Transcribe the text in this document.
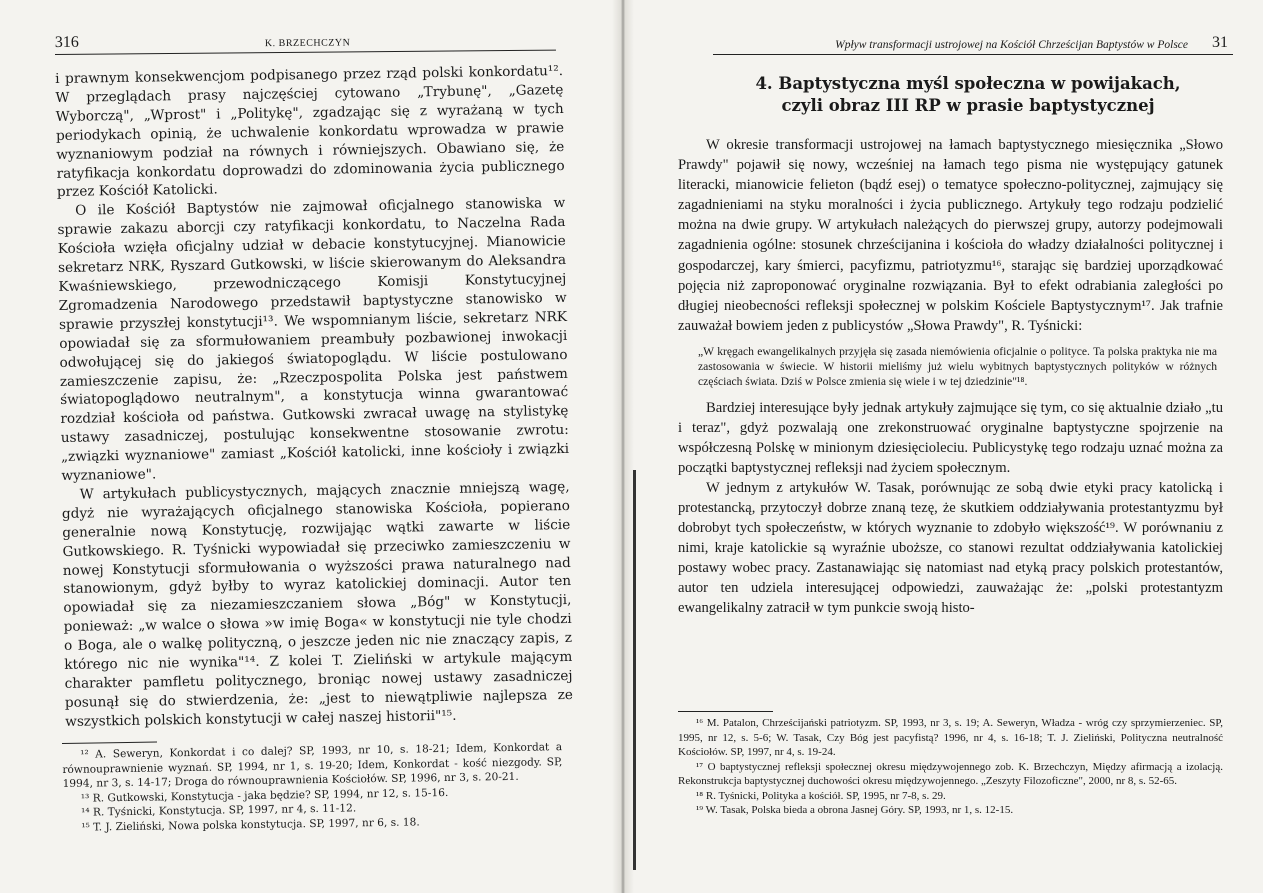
316	K. BRZECHCZYN

i prawnym konsekwencjom podpisanego przez rząd polski konkordatu¹². W przeglądach prasy najczęściej cytowano „Trybunę", „Gazetę Wyborczą", „Wprost" i „Politykę", zgadzając się z wyrażaną w tych periodykach opinią, że uchwalenie konkordatu wprowadza w prawie wyznaniowym podział na równych i równiejszych. Obawiano się, że ratyfikacja konkordatu doprowadzi do zdominowania życia publicznego przez Kościół Katolicki.

O ile Kościół Baptystów nie zajmował oficjalnego stanowiska w sprawie zakazu aborcji czy ratyfikacji konkordatu, to Naczelna Rada Kościoła wzięła oficjalny udział w debacie konstytucyjnej. Mianowicie sekretarz NRK, Ryszard Gutkowski, w liście skierowanym do Aleksandra Kwaśniewskiego, przewodniczącego Komisji Konstytucyjnej Zgromadzenia Narodowego przedstawił baptystyczne stanowisko w sprawie przyszłej konstytucji¹³. We wspomnianym liście, sekretarz NRK opowiadał się za sformułowaniem preambuły pozbawionej inwokacji odwołującej się do jakiegoś światopoglądu. W liście postulowano zamieszczenie zapisu, że: „Rzeczpospolita Polska jest państwem światopoglądowo neutralnym", a konstytucja winna gwarantować rozdział kościoła od państwa. Gutkowski zwracał uwagę na stylistykę ustawy zasadniczej, postulując konsekwentne stosowanie zwrotu: „związki wyznaniowe" zamiast „Kościół katolicki, inne kościoły i związki wyznaniowe".

W artykułach publicystycznych, mających znacznie mniejszą wagę, gdyż nie wyrażających oficjalnego stanowiska Kościoła, popierano generalnie nową Konstytucję, rozwijając wątki zawarte w liście Gutkowskiego. R. Tyśnicki wypowiadał się przeciwko zamieszczeniu w nowej Konstytucji sformułowania o wyższości prawa naturalnego nad stanowionym, gdyż byłby to wyraz katolickiej dominacji. Autor ten opowiadał się za niezamieszczaniem słowa „Bóg" w Konstytucji, ponieważ: „w walce o słowa »w imię Boga« w konstytucji nie tyle chodzi o Boga, ale o walkę polityczną, o jeszcze jeden nic nie znaczący zapis, z którego nic nie wynika"¹⁴. Z kolei T. Zieliński w artykule mającym charakter pamfletu politycznego, broniąc nowej ustawy zasadniczej posunął się do stwierdzenia, że: „jest to niewątpliwie najlepsza ze wszystkich polskich konstytucji w całej naszej historii"¹⁵.

¹² A. Seweryn, Konkordat i co dalej? SP, 1993, nr 10, s. 18-21; Idem, Konkordat a równouprawnienie wyznań. SP, 1994, nr 1, s. 19-20; Idem, Konkordat - kość niezgody. SP, 1994, nr 3, s. 14-17; Droga do równouprawnienia Kościołów. SP, 1996, nr 3, s. 20-21.

¹³ R. Gutkowski, Konstytucja - jaka będzie? SP, 1994, nr 12, s. 15-16.

¹⁴ R. Tyśnicki, Konstytucja. SP, 1997, nr 4, s. 11-12.

¹⁵ T. J. Zieliński, Nowa polska konstytucja. SP, 1997, nr 6, s. 18.

Wpływ transformacji ustrojowej na Kościół Chrześcijan Baptystów w Polsce 31
4. Baptystyczna myśl społeczna w powijakach,
czyli obraz III RP w prasie baptystycznej

W okresie transformacji ustrojowej na łamach baptystycznego miesięcznika „Słowo Prawdy" pojawił się nowy, wcześniej na łamach tego pisma nie występujący gatunek literacki, mianowicie felieton (bądź esej) o tematyce społeczno-politycznej, zajmujący się zagadnieniami na styku moralności i życia publicznego. Artykuły tego rodzaju podzielić można na dwie grupy. W artykułach należących do pierwszej grupy, autorzy podejmowali zagadnienia ogólne: stosunek chrześcijanina i kościoła do władzy działalności politycznej i gospodarczej, kary śmierci, pacyfizmu, patriotyzmu¹⁶, starając się bardziej uporządkować pojęcia niż zaproponować oryginalne rozwiązania. Był to efekt odrabiania zaległości po długiej nieobecności refleksji społecznej w polskim Kościele Baptystycznym¹⁷. Jak trafnie zauważał bowiem jeden z publicystów „Słowa Prawdy", R. Tyśnicki:

„W kręgach ewangelikalnych przyjęła się zasada niemówienia oficjalnie o polityce. Ta polska praktyka nie ma zastosowania w świecie. W historii mieliśmy już wielu wybitnych baptystycznych polityków w różnych częściach świata. Dziś w Polsce zmienia się wiele i w tej dziedzinie"¹⁸.

Bardziej interesujące były jednak artykuły zajmujące się tym, co się aktualnie działo „tu i teraz", gdyż pozwalają one zrekonstruować oryginalne baptystyczne spojrzenie na współczesną Polskę w minionym dziesięcioleciu. Publicystykę tego rodzaju uznać można za początki baptystycznej refleksji nad życiem społecznym.

W jednym z artykułów W. Tasak, porównując ze sobą dwie etyki pracy katolicką i protestancką, przytoczył dobrze znaną tezę, że skutkiem oddziaływania protestantyzmu był dobrobyt tych społeczeństw, w których wyznanie to zdobyło większość¹⁹. W porównaniu z nimi, kraje katolickie są wyraźnie uboższe, co stanowi rezultat oddziaływania katolickiej postawy wobec pracy. Zastanawiając się natomiast nad etyką pracy polskich protestantów, autor ten udziela interesującej odpowiedzi, zauważając że: „polski protestantyzm ewangelikalny zatracił w tym punkcie swoją histo-

¹⁶ M. Patalon, Chrześcijański patriotyzm. SP, 1993, nr 3, s. 19; A. Seweryn, Władza - wróg czy sprzymierzeniec. SP, 1995, nr 12, s. 5-6; W. Tasak, Czy Bóg jest pacyfistą? 1996, nr 4, s. 16-18; T. J. Zieliński, Polityczna neutralność Kościołów. SP, 1997, nr 4, s. 19-24.

¹⁷ O baptystycznej refleksji społecznej okresu międzywojennego zob. K. Brzechczyn, Między afirmacją a izolacją. Rekonstrukcja baptystycznej duchowości okresu międzywojennego. „Zeszyty Filozoficzne", 2000, nr 8, s. 52-65.

¹⁸ R. Tyśnicki, Polityka a kościół. SP, 1995, nr 7-8, s. 29.

¹⁹ W. Tasak, Polska bieda a obrona Jasnej Góry. SP, 1993, nr 1, s. 12-15.
